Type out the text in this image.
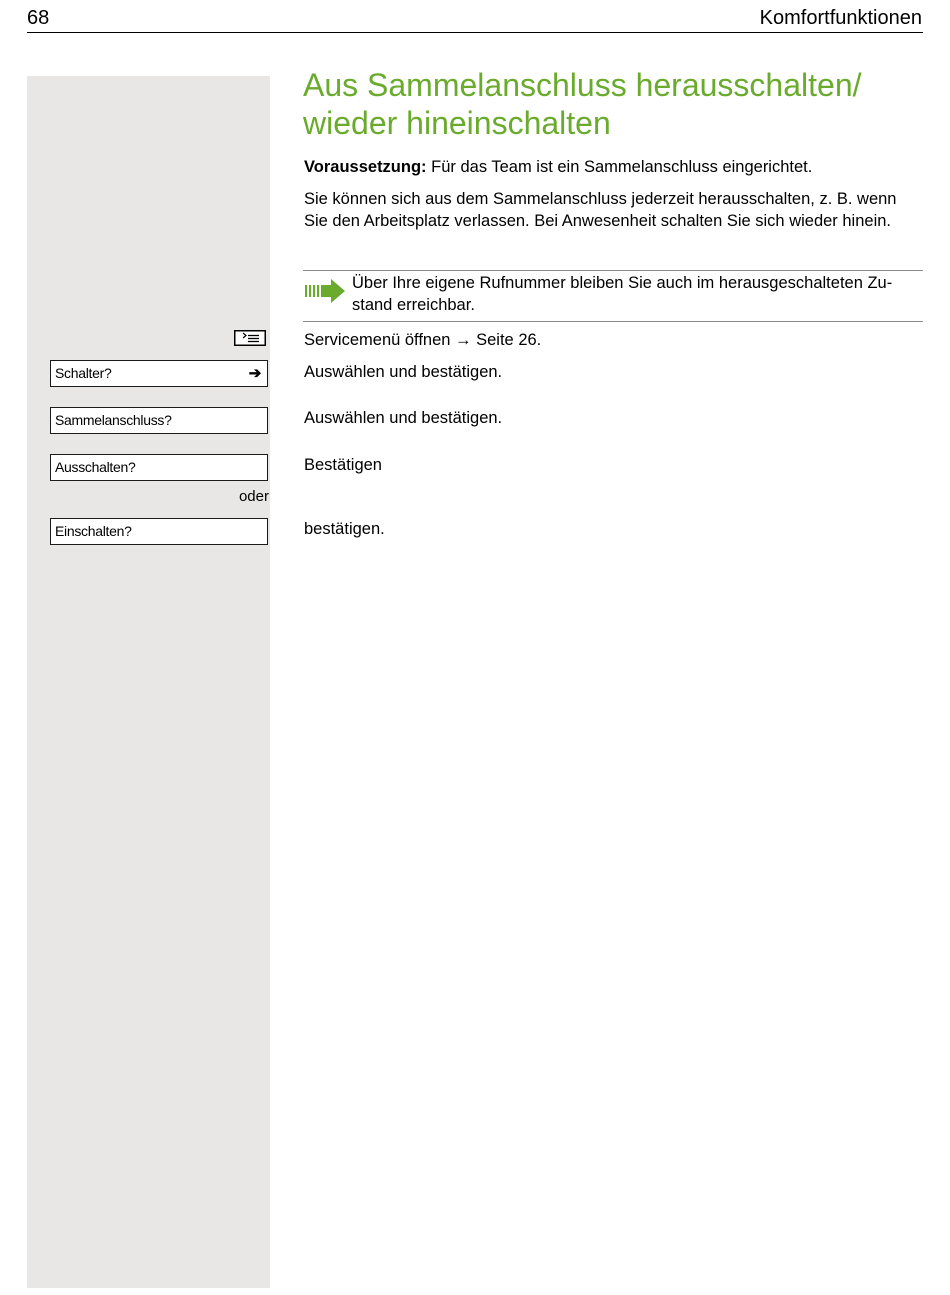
68	Komfortfunktionen
Aus Sammelanschluss herausschalten/
wieder hineinschalten

Voraussetzung: Für das Team ist ein Sammelanschluss eingerichtet.

Sie können sich aus dem Sammelanschluss jederzeit herausschalten, z. B. wenn Sie den Arbeitsplatz verlassen. Bei Anwesenheit schalten Sie sich wieder hinein.

Über Ihre eigene Rufnummer bleiben Sie auch im herausgeschalteten Zu-
stand erreichbar.

Servicemenü öffnen → Seite 26.

Schalter?	➔	Auswählen und bestätigen.

Sammelanschluss?	Auswählen und bestätigen.

Ausschalten?	Bestätigen

oder
Einschalten?	bestätigen.
